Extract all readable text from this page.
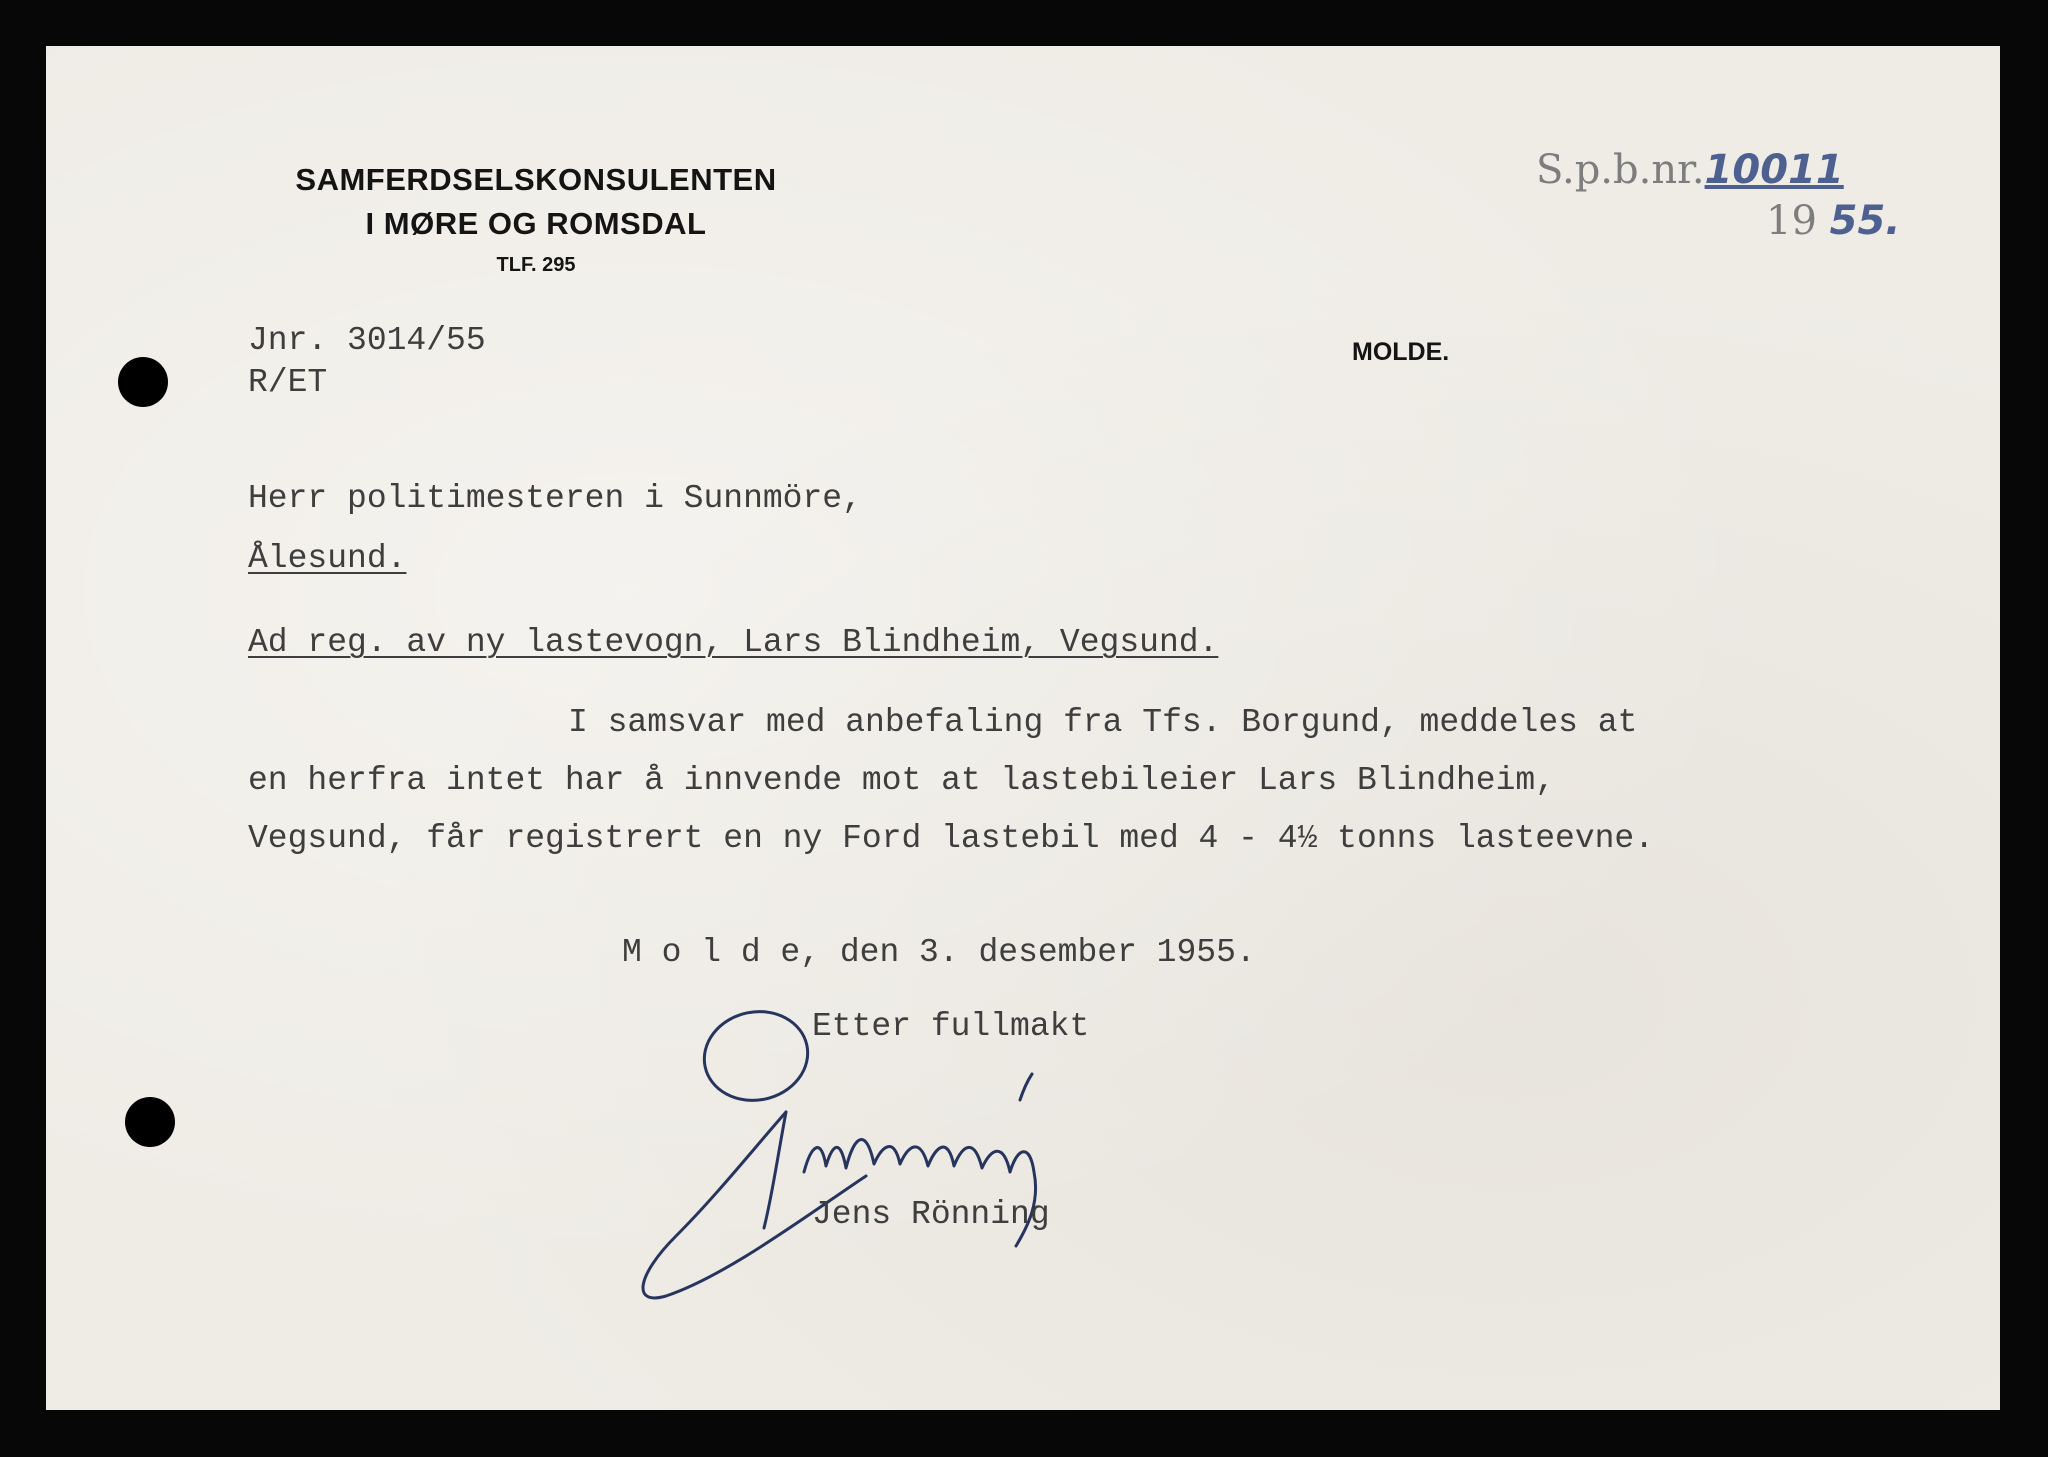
SAMFERDSELSKONSULENTEN
I MØRE OG ROMSDAL
TLF. 295
S.p.b.nr.10011
19 55.
Jnr. 3014/55
R/ET
MOLDE.
Herr politimesteren i Sunnmöre,
Ålesund.
Ad reg. av ny lastevogn, Lars Blindheim, Vegsund.
I samsvar med anbefaling fra Tfs. Borgund, meddeles at
en herfra intet har å innvende mot at lastebileier Lars Blindheim,
Vegsund, får registrert en ny Ford lastebil med 4 - 4½ tonns lasteevne.
M o l d e, den 3. desember 1955.
Etter fullmakt
Jens Rönning
